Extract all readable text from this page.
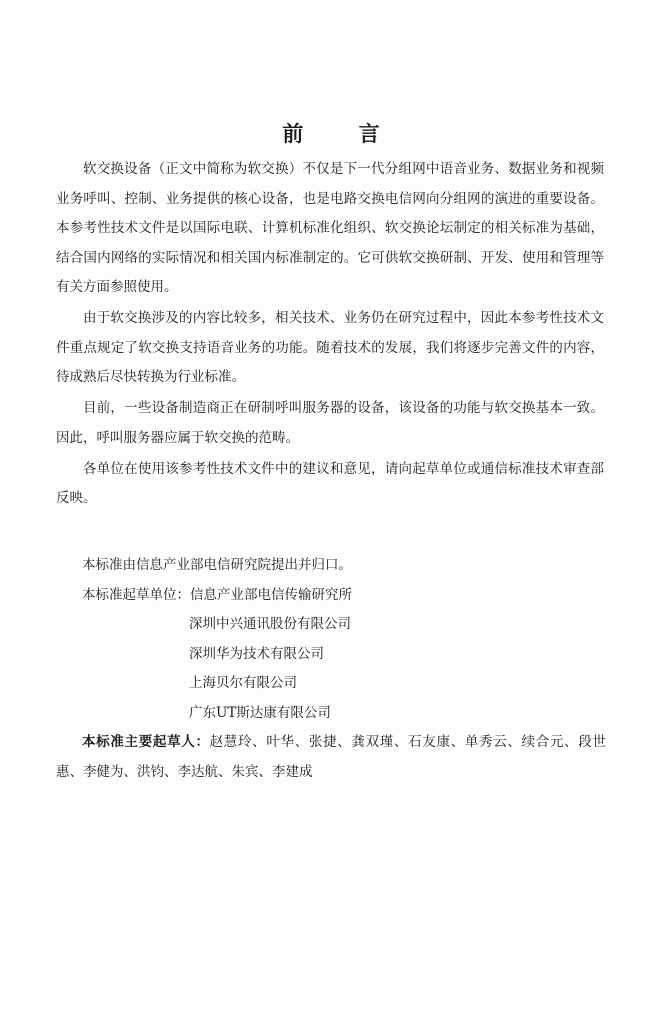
前 言

软交换设备（正文中简称为软交换）不仅是下一代分组网中语音业务、数据业务和视频业务呼叫、控制、业务提供的核心设备，也是电路交换电信网向分组网的演进的重要设备。本参考性技术文件是以国际电联、计算机标准化组织、软交换论坛制定的相关标准为基础，结合国内网络的实际情况和相关国内标准制定的。它可供软交换研制、开发、使用和管理等有关方面参照使用。

由于软交换涉及的内容比较多，相关技术、业务仍在研究过程中，因此本参考性技术文件重点规定了软交换支持语音业务的功能。随着技术的发展，我们将逐步完善文件的内容，待成熟后尽快转换为行业标准。

目前，一些设备制造商正在研制呼叫服务器的设备，该设备的功能与软交换基本一致。因此，呼叫服务器应属于软交换的范畴。

各单位在使用该参考性技术文件中的建议和意见，请向起草单位或通信标准技术审查部反映。

本标准由信息产业部电信研究院提出并归口。
本标准起草单位：信息产业部电信传输研究所
深圳中兴通讯股份有限公司
深圳华为技术有限公司
上海贝尔有限公司
广东UT斯达康有限公司
本标准主要起草人：赵慧玲、叶华、张捷、龚双瑾、石友康、单秀云、续合元、段世惠、李健为、洪钧、李达航、朱宾、李建成
